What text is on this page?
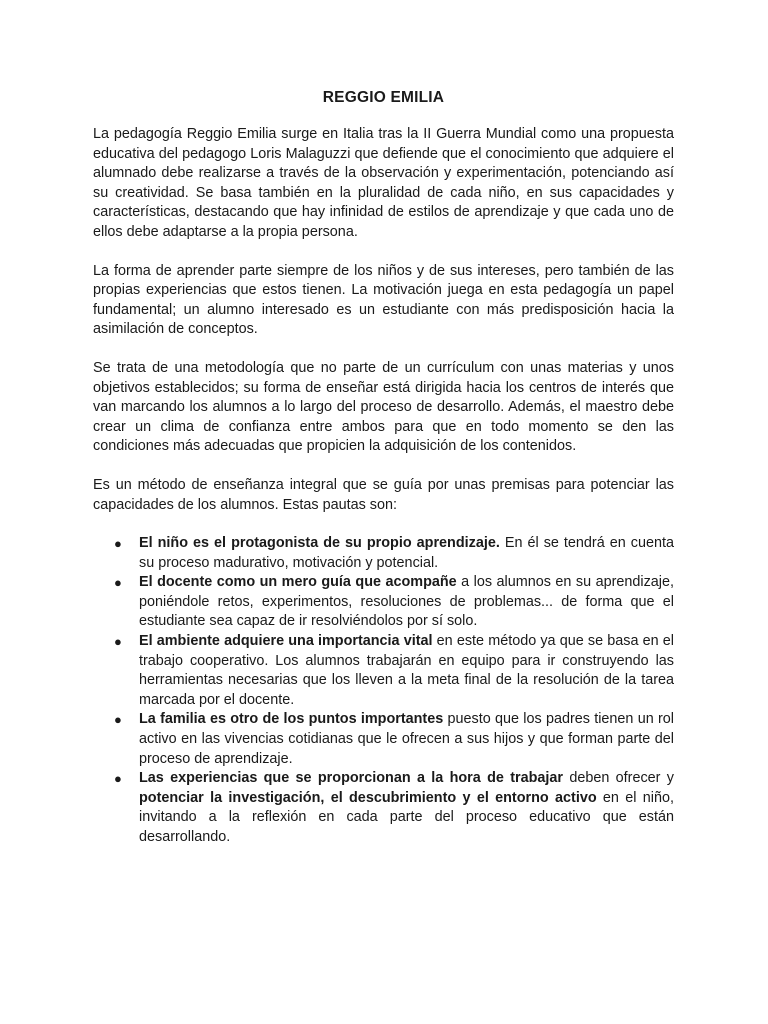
REGGIO EMILIA

La pedagogía Reggio Emilia surge en Italia tras la II Guerra Mundial como una propuesta educativa del pedagogo Loris Malaguzzi que defiende que el conocimiento que adquiere el alumnado debe realizarse a través de la observación y experimentación, potenciando así su creatividad. Se basa también en la pluralidad de cada niño, en sus capacidades y características, destacando que hay infinidad de estilos de aprendizaje y que cada uno de ellos debe adaptarse a la propia persona.

La forma de aprender parte siempre de los niños y de sus intereses, pero también de las propias experiencias que estos tienen. La motivación juega en esta pedagogía un papel fundamental; un alumno interesado es un estudiante con más predisposición hacia la asimilación de conceptos.

Se trata de una metodología que no parte de un currículum con unas materias y unos objetivos establecidos; su forma de enseñar está dirigida hacia los centros de interés que van marcando los alumnos a lo largo del proceso de desarrollo. Además, el maestro debe crear un clima de confianza entre ambos para que en todo momento se den las condiciones más adecuadas que propicien la adquisición de los contenidos.

Es un método de enseñanza integral que se guía por unas premisas para potenciar las capacidades de los alumnos. Estas pautas son:

● El niño es el protagonista de su propio aprendizaje. En él se tendrá en cuenta su proceso madurativo, motivación y potencial.
● El docente como un mero guía que acompañe a los alumnos en su aprendizaje, poniéndole retos, experimentos, resoluciones de problemas... de forma que el estudiante sea capaz de ir resolviéndolos por sí solo.
● El ambiente adquiere una importancia vital en este método ya que se basa en el trabajo cooperativo. Los alumnos trabajarán en equipo para ir construyendo las herramientas necesarias que los lleven a la meta final de la resolución de la tarea marcada por el docente.
● La familia es otro de los puntos importantes puesto que los padres tienen un rol activo en las vivencias cotidianas que le ofrecen a sus hijos y que forman parte del proceso de aprendizaje.
● Las experiencias que se proporcionan a la hora de trabajar deben ofrecer y potenciar la investigación, el descubrimiento y el entorno activo en el niño, invitando a la reflexión en cada parte del proceso educativo que están desarrollando.
